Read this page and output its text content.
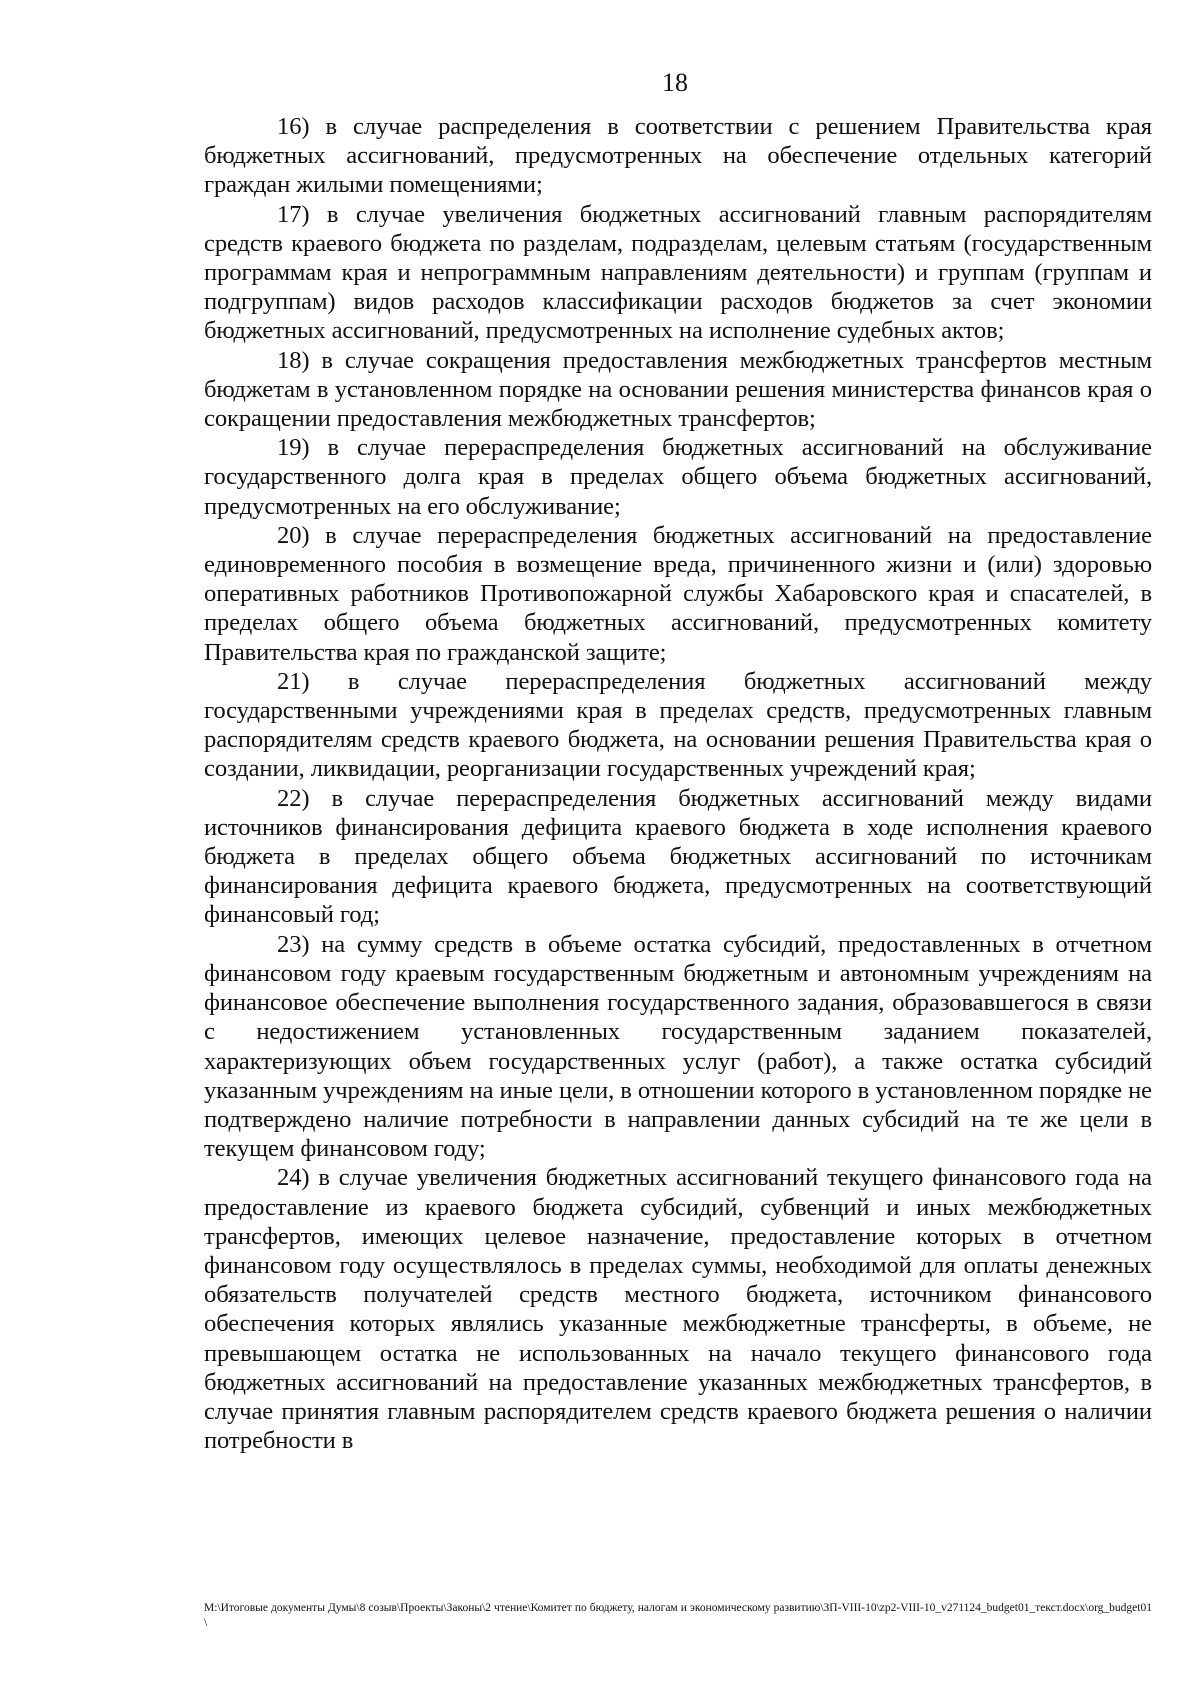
18

16) в случае распределения в соответствии с решением Правительства края бюджетных ассигнований, предусмотренных на обеспечение отдельных категорий граждан жилыми помещениями;

17) в случае увеличения бюджетных ассигнований главным распорядителям средств краевого бюджета по разделам, подразделам, целевым статьям (государственным программам края и непрограммным направлениям деятельности) и группам (группам и подгруппам) видов расходов классификации расходов бюджетов за счет экономии бюджетных ассигнований, предусмотренных на исполнение судебных актов;

18) в случае сокращения предоставления межбюджетных трансфертов местным бюджетам в установленном порядке на основании решения министерства финансов края о сокращении предоставления межбюджетных трансфертов;

19) в случае перераспределения бюджетных ассигнований на обслуживание государственного долга края в пределах общего объема бюджетных ассигнований, предусмотренных на его обслуживание;

20) в случае перераспределения бюджетных ассигнований на предоставление единовременного пособия в возмещение вреда, причиненного жизни и (или) здоровью оперативных работников Противопожарной службы Хабаровского края и спасателей, в пределах общего объема бюджетных ассигнований, предусмотренных комитету Правительства края по гражданской защите;

21) в случае перераспределения бюджетных ассигнований между государственными учреждениями края в пределах средств, предусмотренных главным распорядителям средств краевого бюджета, на основании решения Правительства края о создании, ликвидации, реорганизации государственных учреждений края;

22) в случае перераспределения бюджетных ассигнований между видами источников финансирования дефицита краевого бюджета в ходе исполнения краевого бюджета в пределах общего объема бюджетных ассигнований по источникам финансирования дефицита краевого бюджета, предусмотренных на соответствующий финансовый год;

23) на сумму средств в объеме остатка субсидий, предоставленных в отчетном финансовом году краевым государственным бюджетным и автономным учреждениям на финансовое обеспечение выполнения государственного задания, образовавшегося в связи с недостижением установленных государственным заданием показателей, характеризующих объем государственных услуг (работ), а также остатка субсидий указанным учреждениям на иные цели, в отношении которого в установленном порядке не подтверждено наличие потребности в направлении данных субсидий на те же цели в текущем финансовом году;

24) в случае увеличения бюджетных ассигнований текущего финансового года на предоставление из краевого бюджета субсидий, субвенций и иных межбюджетных трансфертов, имеющих целевое назначение, предоставление которых в отчетном финансовом году осуществлялось в пределах суммы, необходимой для оплаты денежных обязательств получателей средств местного бюджета, источником финансового обеспечения которых являлись указанные межбюджетные трансферты, в объеме, не превышающем остатка не использованных на начало текущего финансового года бюджетных ассигнований на предоставление указанных межбюджетных трансфертов, в случае принятия главным распорядителем средств краевого бюджета решения о наличии потребности в

M:\Итоговые документы Думы\8 созыв\Проекты\Законы\2 чтение\Комитет по бюджету, налогам и экономическому развитию\ЗП-VIII-10\zp2-VIII-10_v271124_budget01_текст.docx\org_budget01\
